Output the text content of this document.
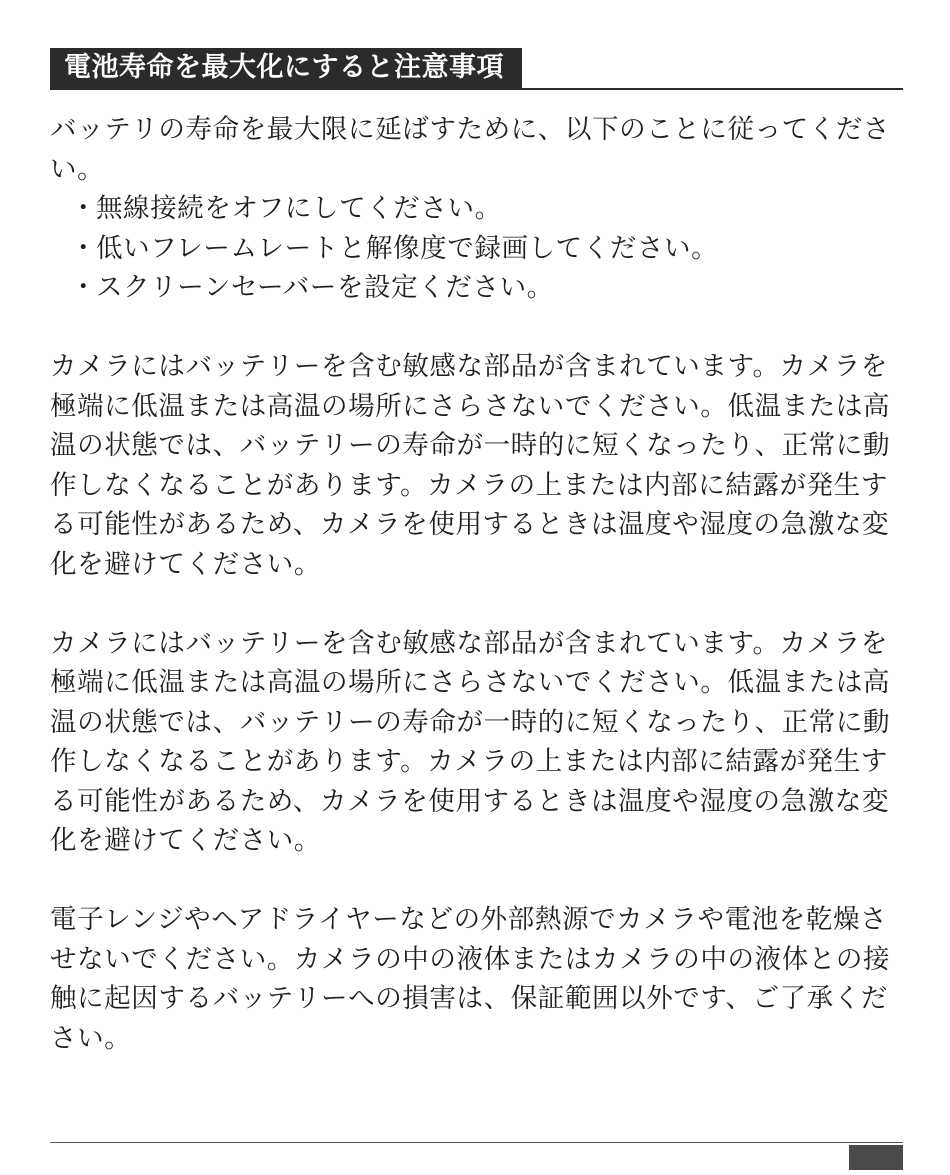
電池寿命を最大化にすると注意事項

バッテリの寿命を最大限に延ばすために、以下のことに従ってください。

・
無線接続をオフにしてください。
・
低いフレームレートと解像度で録画してください。
・
スクリーンセーバーを設定ください。

カメラにはバッテリーを含む敏感な部品が含まれています。カメラを極端に低温または高温の場所にさらさないでください。低温または高温の状態では、バッテリーの寿命が一時的に短くなったり、正常に動作しなくなることがあります。カメラの上または内部に結露が発生する可能性があるため、カメラを使用するときは温度や湿度の急激な変化を避けてください。

カメラにはバッテリーを含む敏感な部品が含まれています。カメラを極端に低温または高温の場所にさらさないでください。低温または高温の状態では、バッテリーの寿命が一時的に短くなったり、正常に動作しなくなることがあります。カメラの上または内部に結露が発生する可能性があるため、カメラを使用するときは温度や湿度の急激な変化を避けてください。

電子レンジやヘアドライヤーなどの外部熱源でカメラや電池を乾燥させないでください。カメラの中の液体またはカメラの中の液体との接触に起因するバッテリーへの損害は、保証範囲以外です、ご了承ください。
